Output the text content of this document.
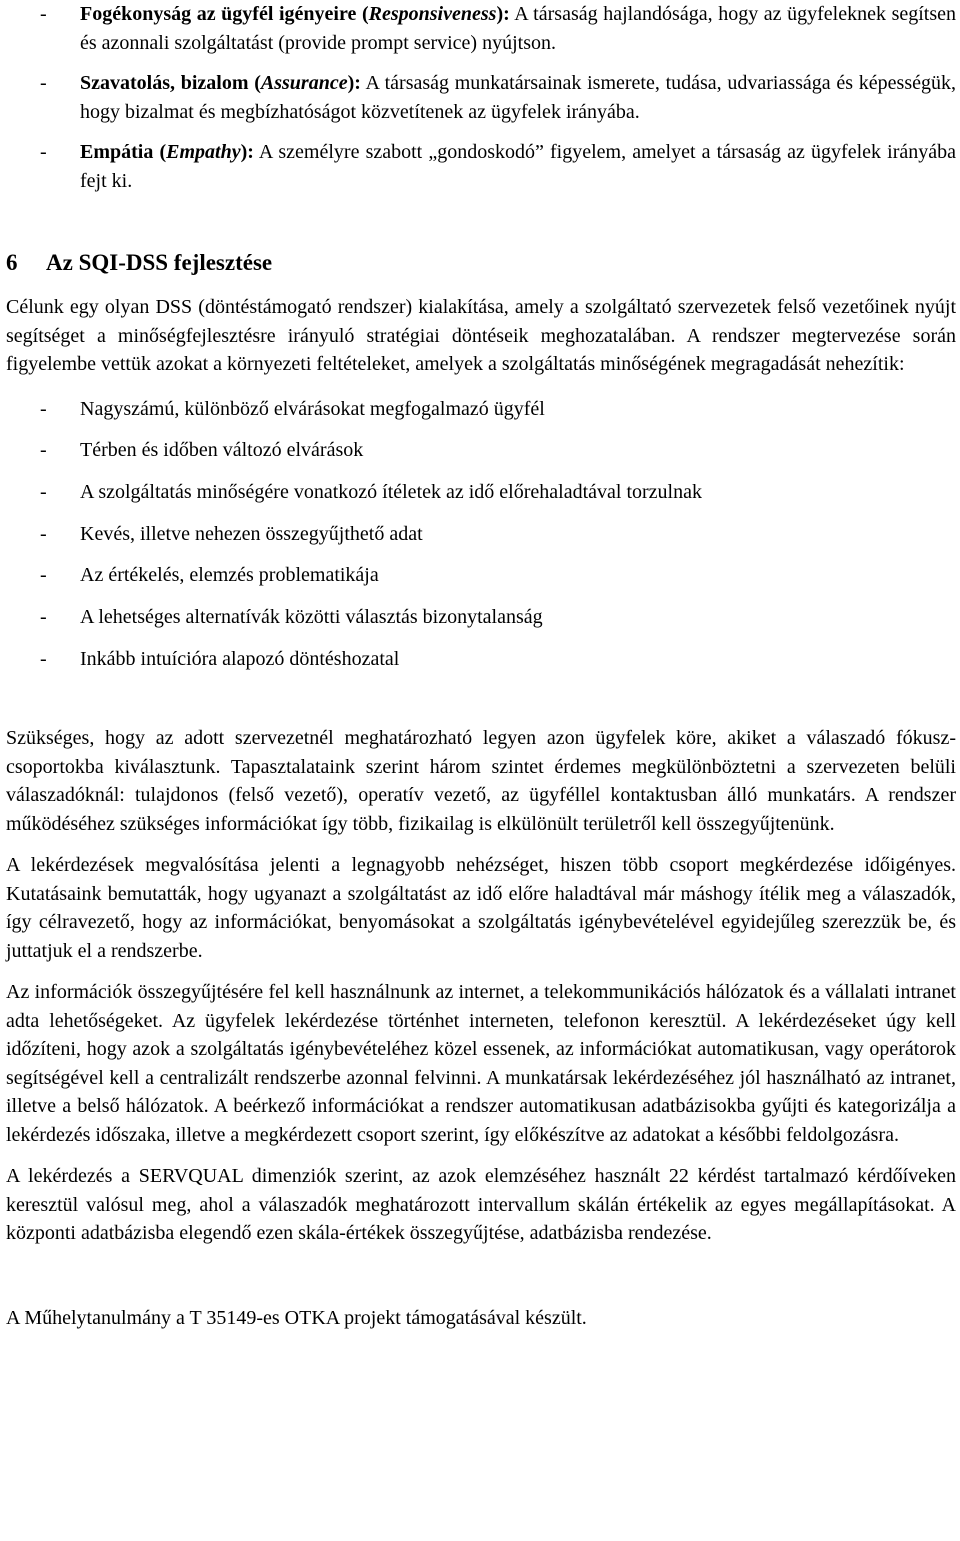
- Fogékonyság az ügyfél igényeire (Responsiveness): A társaság hajlandósága, hogy az ügyfeleknek segítsen és azonnali szolgáltatást (provide prompt service) nyújtson.
- Szavatolás, bizalom (Assurance): A társaság munkatársainak ismerete, tudása, udvariassága és képességük, hogy bizalmat és megbízhatóságot közvetítenek az ügyfelek irányába.
- Empátia (Empathy): A személyre szabott „gondoskodó” figyelem, amelyet a társaság az ügyfelek irányába fejt ki.
6	Az SQI-DSS fejlesztése

Célunk egy olyan DSS (döntéstámogató rendszer) kialakítása, amely a szolgáltató szervezetek felső vezetőinek nyújt segítséget a minőségfejlesztésre irányuló stratégiai döntéseik meghozatalában. A rendszer megtervezése során figyelembe vettük azokat a környezeti feltételeket, amelyek a szolgáltatás minőségének megragadását nehezítik:

- Nagyszámú, különböző elvárásokat megfogalmazó ügyfél
- Térben és időben változó elvárások
- A szolgáltatás minőségére vonatkozó ítéletek az idő előrehaladtával torzulnak
- Kevés, illetve nehezen összegyűjthető adat
- Az értékelés, elemzés problematikája
- A lehetséges alternatívák közötti választás bizonytalanság
- Inkább intuícióra alapozó döntéshozatal

Szükséges, hogy az adott szervezetnél meghatározható legyen azon ügyfelek köre, akiket a válaszadó fókusz-csoportokba kiválasztunk. Tapasztalataink szerint három szintet érdemes megkülönböztetni a szervezeten belüli válaszadóknál: tulajdonos (felső vezető), operatív vezető, az ügyféllel kontaktusban álló munkatárs. A rendszer működéséhez szükséges információkat így több, fizikailag is elkülönült területről kell összegyűjtenünk.

A lekérdezések megvalósítása jelenti a legnagyobb nehézséget, hiszen több csoport megkérdezése időigényes. Kutatásaink bemutatták, hogy ugyanazt a szolgáltatást az idő előre haladtával már máshogy ítélik meg a válaszadók, így célravezető, hogy az információkat, benyomásokat a szolgáltatás igénybevételével egyidejűleg szerezzük be, és juttatjuk el a rendszerbe.

Az információk összegyűjtésére fel kell használnunk az internet, a telekommunikációs hálózatok és a vállalati intranet adta lehetőségeket. Az ügyfelek lekérdezése történhet interneten, telefonon keresztül. A lekérdezéseket úgy kell időzíteni, hogy azok a szolgáltatás igénybevételéhez közel essenek, az információkat automatikusan, vagy operátorok segítségével kell a centralizált rendszerbe azonnal felvinni. A munkatársak lekérdezéséhez jól használható az intranet, illetve a belső hálózatok. A beérkező információkat a rendszer automatikusan adatbázisokba gyűjti és kategorizálja a lekérdezés időszaka, illetve a megkérdezett csoport szerint, így előkészítve az adatokat a későbbi feldolgozásra.

A lekérdezés a SERVQUAL dimenziók szerint, az azok elemzéséhez használt 22 kérdést tartalmazó kérdőíveken keresztül valósul meg, ahol a válaszadók meghatározott intervallum skálán értékelik az egyes megállapításokat. A központi adatbázisba elegendő ezen skála-értékek összegyűjtése, adatbázisba rendezése.

A Műhelytanulmány a T 35149-es OTKA projekt támogatásával készült.
